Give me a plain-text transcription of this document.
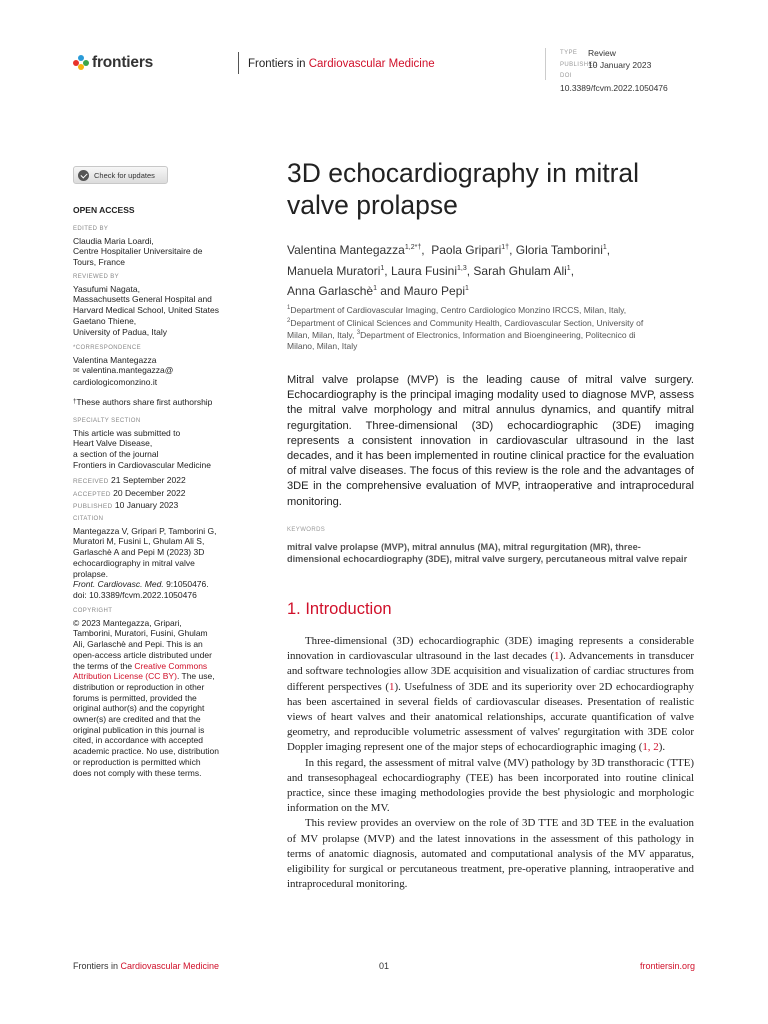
frontiers	Frontiers in Cardiovascular Medicine
TYPE Review
PUBLISHED10 January 2023
DOI10.3389/fcvm.2022.1050476
Check for updates
OPEN ACCESS
EDITED BY
Claudia Maria Loardi,
Centre Hospitalier Universitaire de
Tours, France
REVIEWED BY
Yasufumi Nagata,
Massachusetts General Hospital and
Harvard Medical School, United States
Gaetano Thiene,
University of Padua, Italy
*CORRESPONDENCE
Valentina Mantegazza
✉ valentina.mantegazza@
cardiologicomonzino.it
†These authors share first authorship
SPECIALTY SECTION
This article was submitted to
Heart Valve Disease,
a section of the journal
Frontiers in Cardiovascular Medicine
RECEIVED 21 September 2022
ACCEPTED 20 December 2022
PUBLISHED 10 January 2023
CITATION
Mantegazza V, Gripari P, Tamborini G,
Muratori M, Fusini L, Ghulam Ali S,
Garlaschè A and Pepi M (2023) 3D
echocardiography in mitral valve
prolapse.
Front. Cardiovasc. Med. 9:1050476.
doi: 10.3389/fcvm.2022.1050476
COPYRIGHT
© 2023 Mantegazza, Gripari,
Tamborini, Muratori, Fusini, Ghulam
Ali, Garlaschè and Pepi. This is an
open-access article distributed under
the terms of the Creative Commons
Attribution License (CC BY). The use,
distribution or reproduction in other
forums is permitted, provided the
original author(s) and the copyright
owner(s) are credited and that the
original publication in this journal is
cited, in accordance with accepted
academic practice. No use, distribution
or reproduction is permitted which
does not comply with these terms.
3D echocardiography in mitral
valve prolapse
Valentina Mantegazza$^{1,2*\dagger}$,  Paola Gripari$^{1\dagger}$, Gloria Tamborini$^1$,
Manuela Muratori$^1$, Laura Fusini$^{1,3}$, Sarah Ghulam Ali$^1$,
Anna Garlaschè$^1$ and Mauro Pepi$^1$
$^1$Department of Cardiovascular Imaging, Centro Cardiologico Monzino IRCCS, Milan, Italy,
$^2$Department of Clinical Sciences and Community Health, Cardiovascular Section, University of
Milan, Milan, Italy, $^3$Department of Electronics, Information and Bioengineering, Politecnico di
Milano, Milan, Italy
Mitral valve prolapse (MVP) is the leading cause of mitral valve surgery. Echocardiography is the principal imaging modality used to diagnose MVP, assess the mitral valve morphology and mitral annulus dynamics, and quantify mitral regurgitation. Three-dimensional (3D) echocardiographic (3DE) imaging represents a consistent innovation in cardiovascular ultrasound in the last decades, and it has been implemented in routine clinical practice for the evaluation of mitral valve diseases. The focus of this review is the role and the advantages of 3DE in the comprehensive evaluation of MVP, intraoperative and intraprocedural monitoring.
KEYWORDS
mitral valve prolapse (MVP), mitral annulus (MA), mitral regurgitation (MR), three-dimensional echocardiography (3DE), mitral valve surgery, percutaneous mitral valve repair
1. Introduction

Three-dimensional (3D) echocardiographic (3DE) imaging represents a considerable innovation in cardiovascular ultrasound in the last decades (1). Advancements in transducer and software technologies allow 3DE acquisition and visualization of cardiac structures from different perspectives (1). Usefulness of 3DE and its superiority over 2D echocardiography has been ascertained in several fields of cardiovascular diseases. Presentation of realistic views of heart valves and their anatomical relationships, accurate quantification of valve geometry, and reproducible volumetric assessment of valves' regurgitation with 3DE color Doppler imaging represent one of the major steps of echocardiographic imaging (1, 2).

In this regard, the assessment of mitral valve (MV) pathology by 3D transthoracic (TTE) and transesophageal echocardiography (TEE) has been incorporated into routine clinical practice, since these imaging methodologies provide the best physiologic and morphologic information on the MV.

This review provides an overview on the role of 3D TTE and 3D TEE in the evaluation of MV prolapse (MVP) and the latest innovations in the assessment of this pathology in terms of anatomic diagnosis, automated and computational analysis of the MV apparatus, eligibility for surgical or percutaneous treatment, pre-operative planning, intraoperative and intraprocedural monitoring.

Frontiers in Cardiovascular Medicine	01	frontiersin.org
